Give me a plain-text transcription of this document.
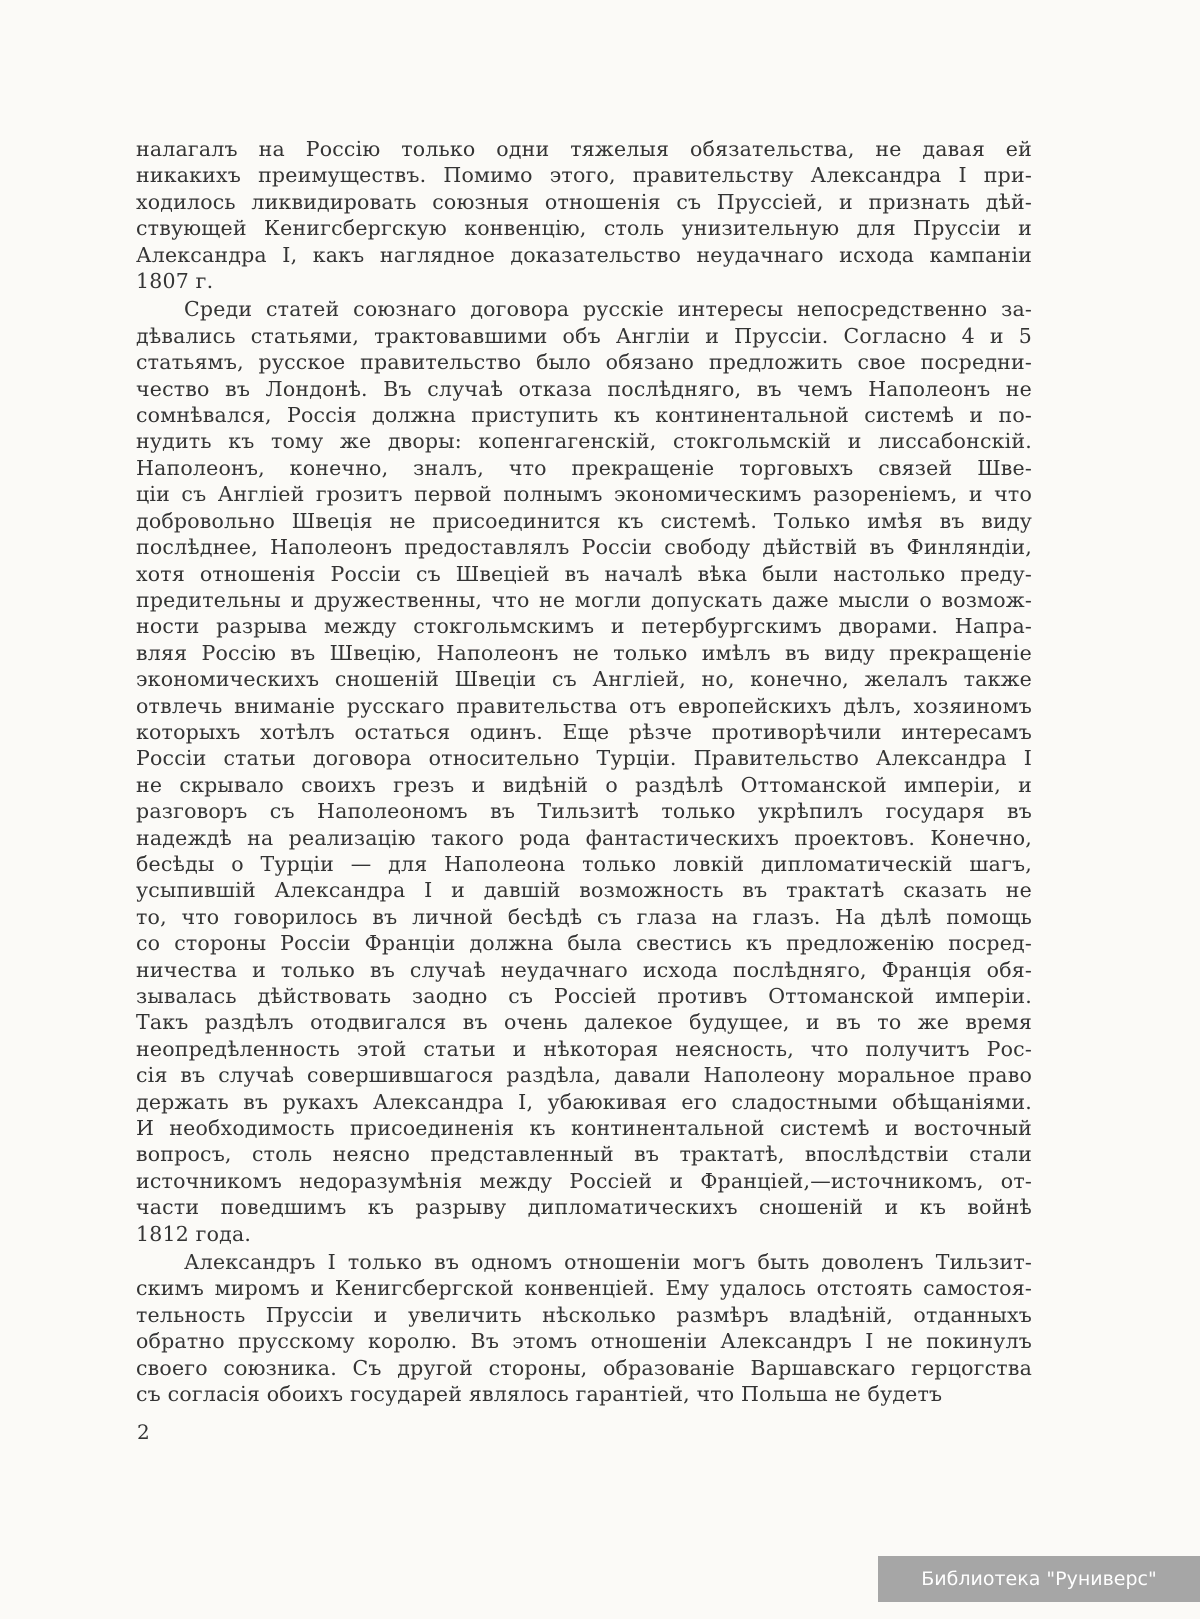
налагалъ на Россію только одни тяжелыя обязательства, не давая ей
никакихъ преимуществъ. Помимо этого, правительству Александра I при-
ходилось ликвидировать союзныя отношенія съ Пруссіей, и признать дѣй-
ствующей Кенигсбергскую конвенцію, столь унизительную для Пруссіи и
Александра I, какъ наглядное доказательство неудачнаго исхода кампаніи
1807 г.
Среди статей союзнаго договора русскіе интересы непосредственно за-
дѣвались статьями, трактовавшими объ Англіи и Пруссіи. Согласно 4 и 5
статьямъ, русское правительство было обязано предложить свое посредни-
чество въ Лондонѣ. Въ случаѣ отказа послѣдняго, въ чемъ Наполеонъ не
сомнѣвался, Россія должна приступить къ континентальной системѣ и по-
нудить къ тому же дворы: копенгагенскій, стокгольмскій и лиссабонскій.
Наполеонъ, конечно, зналъ, что прекращеніе торговыхъ связей Шве-
ціи съ Англіей грозитъ первой полнымъ экономическимъ разореніемъ, и что
добровольно Швеція не присоединится къ системѣ. Только имѣя въ виду
послѣднее, Наполеонъ предоставлялъ Россіи свободу дѣйствій въ Финляндіи,
хотя отношенія Россіи съ Швеціей въ началѣ вѣка были настолько преду-
предительны и дружественны, что не могли допускать даже мысли о возмож-
ности разрыва между стокгольмскимъ и петербургскимъ дворами. Напра-
вляя Россію въ Швецію, Наполеонъ не только имѣлъ въ виду прекращеніе
экономическихъ сношеній Швеціи съ Англіей, но, конечно, желалъ также
отвлечь вниманіе русскаго правительства отъ европейскихъ дѣлъ, хозяиномъ
которыхъ хотѣлъ остаться одинъ. Еще рѣзче противорѣчили интересамъ
Россіи статьи договора относительно Турціи. Правительство Александра I
не скрывало своихъ грезъ и видѣній о раздѣлѣ Оттоманской имперіи, и
разговоръ съ Наполеономъ въ Тильзитѣ только укрѣпилъ государя въ
надеждѣ на реализацію такого рода фантастическихъ проектовъ. Конечно,
бесѣды о Турціи — для Наполеона только ловкій дипломатическій шагъ,
усыпившій Александра I и давшій возможность въ трактатѣ сказать не
то, что говорилось въ личной бесѣдѣ съ глаза на глазъ. На дѣлѣ помощь
со стороны Россіи Франціи должна была свестись къ предложенію посред-
ничества и только въ случаѣ неудачнаго исхода послѣдняго, Франція обя-
зывалась дѣйствовать заодно съ Россіей противъ Оттоманской имперіи.
Такъ раздѣлъ отодвигался въ очень далекое будущее, и въ то же время
неопредѣленность этой статьи и нѣкоторая неясность, что получитъ Рос-
сія въ случаѣ совершившагося раздѣла, давали Наполеону моральное право
держать въ рукахъ Александра I, убаюкивая его сладостными обѣщаніями.
И необходимость присоединенія къ континентальной системѣ и восточный
вопросъ, столь неясно представленный въ трактатѣ, впослѣдствіи стали
источникомъ недоразумѣнія между Россіей и Франціей,—источникомъ, от-
части поведшимъ къ разрыву дипломатическихъ сношеній и къ войнѣ
1812 года.
Александръ I только въ одномъ отношеніи могъ быть доволенъ Тильзит-
скимъ миромъ и Кенигсбергской конвенціей. Ему удалось отстоять самостоя-
тельность Пруссіи и увеличить нѣсколько размѣръ владѣній, отданныхъ
обратно прусскому королю. Въ этомъ отношеніи Александръ I не покинулъ
своего союзника. Съ другой стороны, образованіе Варшавскаго герцогства
съ согласія обоихъ государей являлось гарантіей, что Польша не будетъ
2
Библиотека "Руниверс"
